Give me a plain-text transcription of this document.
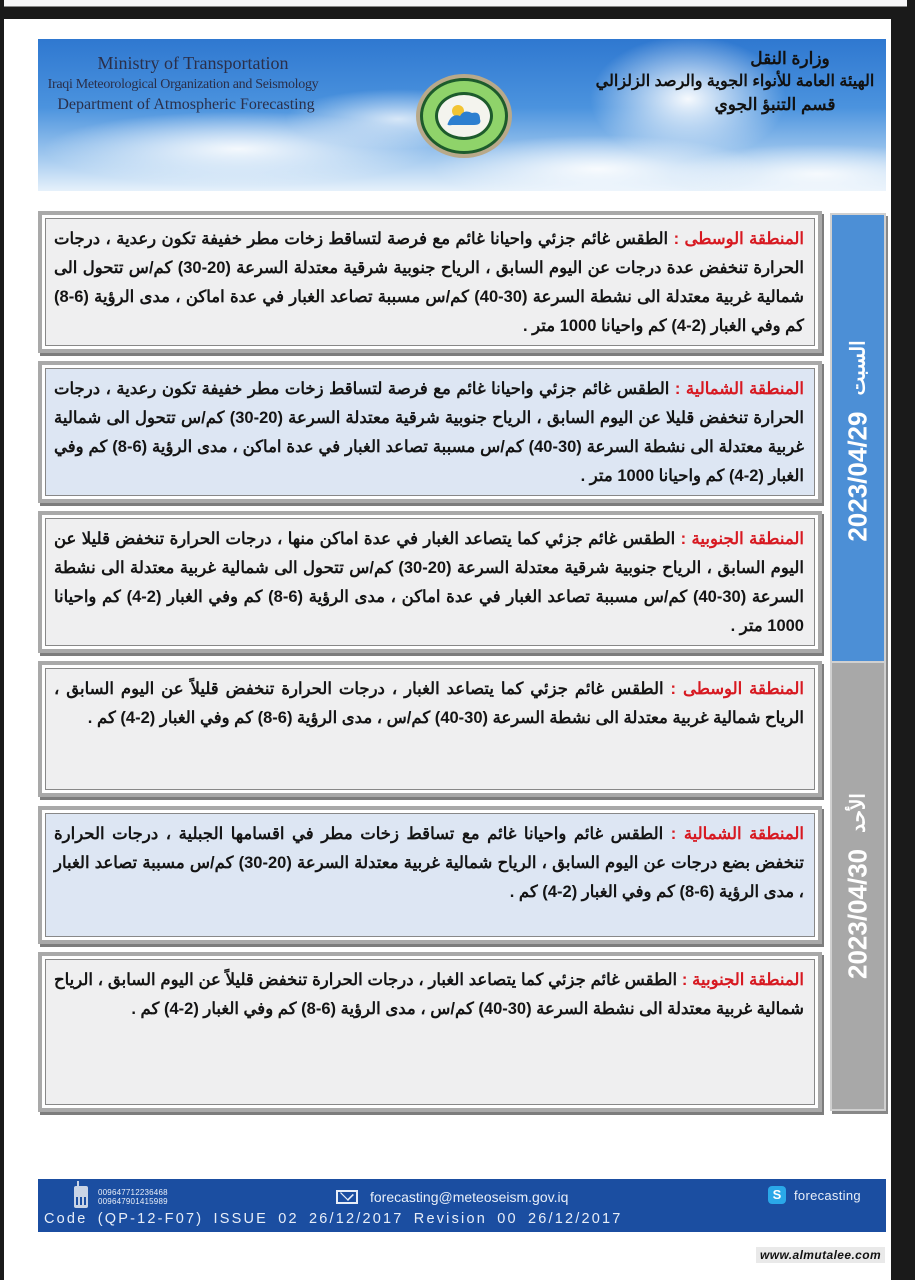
Ministry of Transportation
Iraqi Meteorological Organization and Seismology
Department of Atmospheric Forecasting
وزارة النقل
الهيئة العامة للأنواء الجوية والرصد الزلزالي
قسم التنبؤ الجوي
المنطقة الوسطى : الطقس غائم جزئي واحيانا غائم مع فرصة لتساقط زخات مطر خفيفة تكون رعدية ، درجات الحرارة تنخفض عدة درجات عن اليوم السابق ، الرياح جنوبية شرقية معتدلة السرعة (20-30) كم/س تتحول الى شمالية غربية معتدلة الى نشطة السرعة (30-40) كم/س مسببة تصاعد الغبار في عدة اماكن ، مدى الرؤية (6-8) كم وفي الغبار (2-4) كم واحيانا 1000 متر .
المنطقة الشمالية : الطقس غائم جزئي واحيانا غائم مع فرصة لتساقط زخات مطر خفيفة تكون رعدية ، درجات الحرارة تنخفض قليلا عن اليوم السابق ، الرياح جنوبية شرقية معتدلة السرعة (20-30) كم/س تتحول الى شمالية غربية معتدلة الى نشطة السرعة (30-40) كم/س مسببة تصاعد الغبار في عدة اماكن ، مدى الرؤية (6-8) كم وفي الغبار (2-4) كم واحيانا 1000 متر .
المنطقة الجنوبية : الطقس غائم جزئي كما يتصاعد الغبار في عدة اماكن منها ، درجات الحرارة تنخفض قليلا عن اليوم السابق ، الرياح جنوبية شرقية معتدلة السرعة (20-30) كم/س تتحول الى شمالية غربية معتدلة الى نشطة السرعة (30-40) كم/س مسببة تصاعد الغبار في عدة اماكن ، مدى الرؤية (6-8) كم وفي الغبار (2-4) كم واحيانا 1000 متر .
2023/04/29
السبت
المنطقة الوسطى : الطقس غائم جزئي كما يتصاعد الغبار ، درجات الحرارة تنخفض قليلاً عن اليوم السابق ، الرياح شمالية غربية معتدلة الى نشطة السرعة (30-40) كم/س ، مدى الرؤية (6-8) كم وفي الغبار (2-4) كم .
المنطقة الشمالية : الطقس غائم واحيانا غائم مع تساقط زخات مطر في اقسامها الجبلية ، درجات الحرارة تنخفض بضع درجات عن اليوم السابق ، الرياح شمالية غربية معتدلة السرعة (20-30) كم/س مسببة تصاعد الغبار ، مدى الرؤية (6-8) كم وفي الغبار (2-4) كم .
المنطقة الجنوبية : الطقس غائم جزئي كما يتصاعد الغبار ، درجات الحرارة تنخفض قليلاً عن اليوم السابق ، الرياح شمالية غربية معتدلة الى نشطة السرعة (30-40) كم/س ، مدى الرؤية (6-8) كم وفي الغبار (2-4) كم .
2023/04/30
الأحد
009647712236468
009647901415989	forecasting@meteoseism.gov.iq	S forecasting
Code (QP-12-F07) ISSUE 02 26/12/2017 Revision 00 26/12/2017
www.almutalee.com
